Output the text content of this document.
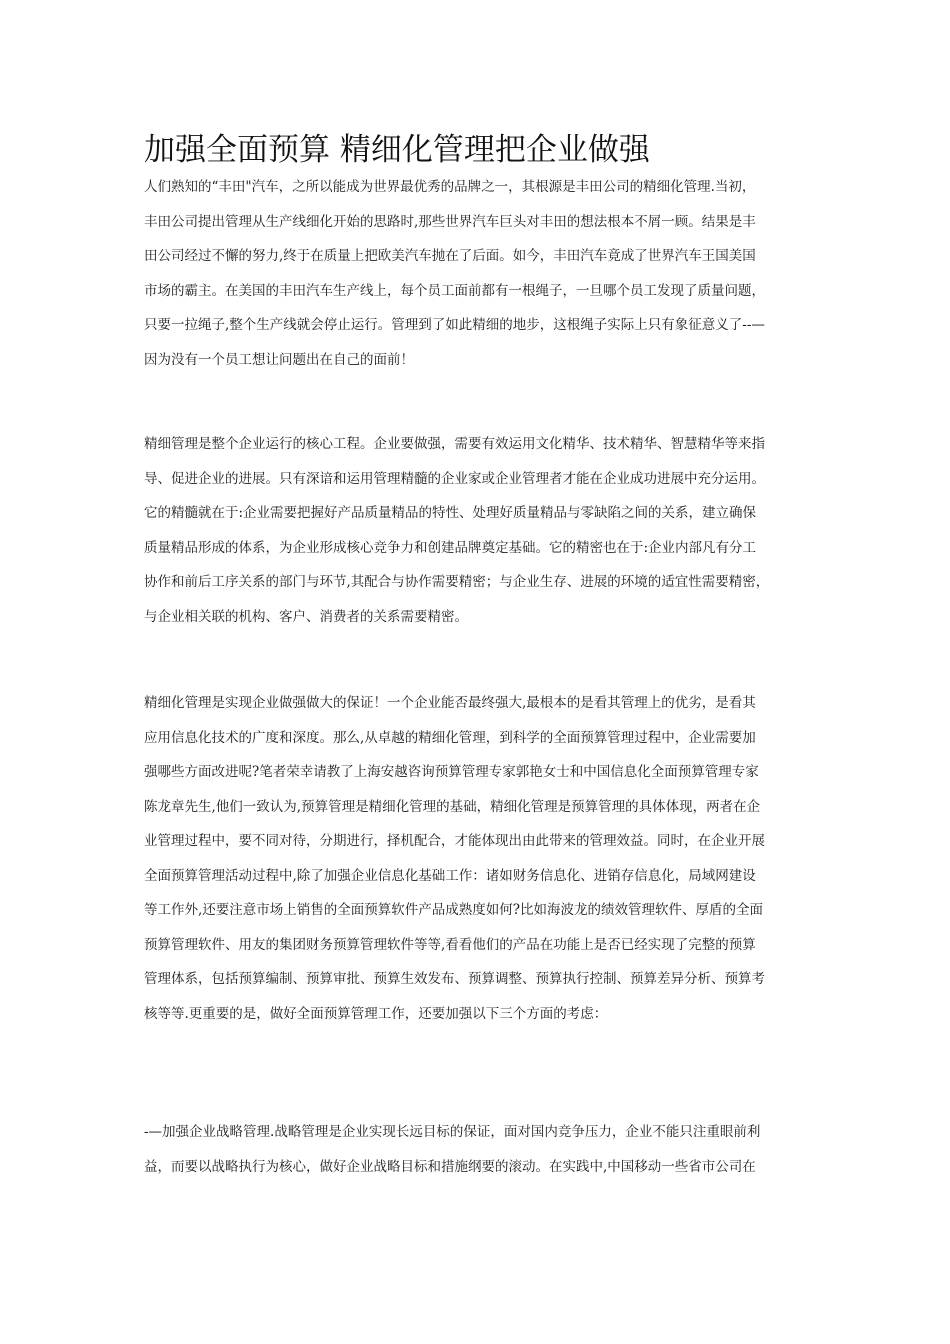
加强全面预算 精细化管理把企业做强
人们熟知的“丰田"汽车，之所以能成为世界最优秀的品牌之一，其根源是丰田公司的精细化管理.当初，
丰田公司提出管理从生产线细化开始的思路时,那些世界汽车巨头对丰田的想法根本不屑一顾。结果是丰
田公司经过不懈的努力,终于在质量上把欧美汽车抛在了后面。如今，丰田汽车竟成了世界汽车王国美国
市场的霸主。在美国的丰田汽车生产线上，每个员工面前都有一根绳子，一旦哪个员工发现了质量问题，
只要一拉绳子,整个生产线就会停止运行。管理到了如此精细的地步，这根绳子实际上只有象征意义了--—
因为没有一个员工想让问题出在自己的面前！
精细管理是整个企业运行的核心工程。企业要做强，需要有效运用文化精华、技术精华、智慧精华等来指
导、促进企业的进展。只有深谙和运用管理精髓的企业家或企业管理者才能在企业成功进展中充分运用。
它的精髓就在于:企业需要把握好产品质量精品的特性、处理好质量精品与零缺陷之间的关系，建立确保
质量精品形成的体系，为企业形成核心竞争力和创建品牌奠定基础。它的精密也在于:企业内部凡有分工
协作和前后工序关系的部门与环节,其配合与协作需要精密；与企业生存、进展的环境的适宜性需要精密，
与企业相关联的机构、客户、消费者的关系需要精密。
精细化管理是实现企业做强做大的保证！一个企业能否最终强大,最根本的是看其管理上的优劣，是看其
应用信息化技术的广度和深度。那么,从卓越的精细化管理，到科学的全面预算管理过程中，企业需要加
强哪些方面改进呢?笔者荣幸请教了上海安越咨询预算管理专家郭艳女士和中国信息化全面预算管理专家
陈龙章先生,他们一致认为,预算管理是精细化管理的基础，精细化管理是预算管理的具体体现，两者在企
业管理过程中，要不同对待，分期进行，择机配合，才能体现出由此带来的管理效益。同时，在企业开展
全面预算管理活动过程中,除了加强企业信息化基础工作：诸如财务信息化、进销存信息化，局域网建设
等工作外,还要注意市场上销售的全面预算软件产品成熟度如何?比如海波龙的绩效管理软件、厚盾的全面
预算管理软件、用友的集团财务预算管理软件等等,看看他们的产品在功能上是否已经实现了完整的预算
管理体系，包括预算编制、预算审批、预算生效发布、预算调整、预算执行控制、预算差异分析、预算考
核等等.更重要的是，做好全面预算管理工作，还要加强以下三个方面的考虑：
-—加强企业战略管理.战略管理是企业实现长远目标的保证，面对国内竞争压力，企业不能只注重眼前利
益，而要以战略执行为核心，做好企业战略目标和措施纲要的滚动。在实践中,中国移动一些省市公司在
